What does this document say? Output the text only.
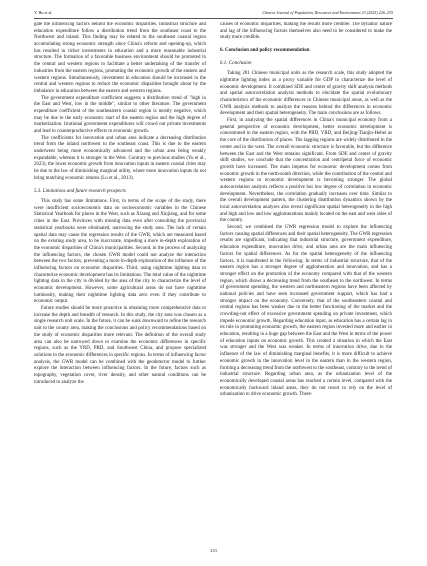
Y. Hu et al.	Chinese Journal of Population, Resources and Environment 23 (2025) 226–235

gate the influencing factors behind the economic disparities. Industrial structure and education expenditure follow a distribution trend from the southeast coast to the Northwest and inland. This finding may be related to the southeast coastal region accumulating strong economic strength since China's reform and opening-up, which has resulted in richer investments in education and a more reasonable industrial structure. The formation of a favorable business environment should be promoted in the central and western regions to facilitate a better undertaking of the transfer of industries from the eastern regions, promoting the economic growth of the eastern and western regions. Simultaneously, investment in education should be increased in the central and western regions to reduce the economic disparities brought about by the imbalance in education between the eastern and western regions.

The government expenditure coefficient suggests a distribution trend of "high in the East and West, low in the middle", similar to other literature. The government expenditure coefficient of the southeastern coastal region is mostly negative, which may be due to the early economic start of the eastern region and the high degree of marketization. Irrational government expenditures will crowd out private investments and lead to counterproductive effects to economic growth.

The coefficients for innovation and urban area indicate a decreasing distribution trend from the inland northwest to the southeast coast. This is due to the eastern underwent being more economically advanced and the urban area being weakly expandable, whereas it is stronger in the West. Contrary to previous studies (Yu et al., 2023), the lower economic growth from innovation inputs in eastern coastal cities may be due to the law of diminishing marginal utility, where more innovation inputs do not bring matching economic returns (Lu et al., 2013).

5.3. Limitations and future research prospects

This study has some limitations. First, in terms of the scope of the study, there were insufficient socioeconomic data on socioeconomic variables in the Chinese Statistical Yearbook for places in the West, such as Xizang and Xinjiang, and for some cities in the East. Provinces with missing data even after consulting the provincial statistical yearbooks were eliminated, narrowing the study area. The lack of certain spatial data may cause the regression results of the GWR, which are measured based on the existing study area, to be inaccurate, impeding a more in-depth exploration of the economic disparities of China's municipalities. Second, in the process of analyzing the influencing factors, the chosen GWR model could not analyze the interaction between the two factors, preventing a more in-depth exploration of the influence of the influencing factors on economic disparities. Third, using nighttime lighting data to characterize economic development has its limitations. The total value of the nighttime lighting data in the city is divided by the area of the city to characterize the level of economic development. However, some agricultural areas do not have nighttime luminosity, making their nighttime lighting data zero even if they contribute to economic output.

Future studies should be more proactive in obtaining more comprehensive data to increase the depth and breadth of research. In this study, the city area was chosen as a single research unit scale. In the future, it can be sunk downward to refine the research unit to the county area, making the conclusions and policy recommendations based on the study of economic disparities more relevant. The definition of the overall study area can also be narrowed down to examine the economic differences in specific regions, such as the YRD, PRD, and Southwest China, and propose specialized solutions to the economic differences in specific regions. In terms of influencing factor analysis, the GWR model can be combined with the geodetector model to further explore the interaction between influencing factors. In the future, factors such as topography, vegetation cover, river density, and other natural conditions can be introduced to analyze the

causes of economic disparities, making the results more credible. The dynamic nature and lag of the influencing factors themselves also need to be considered to make the study more credible.

6. Conclusion and policy recommendation
6.1. Conclusion

Taking 281 Chinese municipal units as the research scale, this study adopted the nighttime lighting index as a proxy variable for GDP to characterize the level of economic development. It combined SDE and center of gravity shift analysis methods and spatial autocorrelation analysis methods to elucidate the spatial evolutionary characteristics of the economic differences in Chinese municipal areas, as well as the GWR analysis methods to analyze the reasons behind the differences in economic development and their spatial heterogeneity. The main conclusions are as follows.

First, in analyzing the spatial differences in China's municipal economy from a general perspective of economic development, better economic development is concentrated in the eastern region, with the PRD, YRD, and Beijing-Tianjin-Hebei as the core of the distribution of places. The lagging regions are widely distributed in the center and in the west. The overall economic structure is favorable, but the difference between the East and the West remains significant. From SDE and center of gravity shift studies, we conclude that the concentration and centripetal force of economic growth have increased. The main impetus for economic development comes from economic growth in the north-south direction, while the contribution of the central and western regions to economic development is becoming stronger. The global autocorrelation analysis reflects a positive but low degree of correlation in economic development. Nevertheless, the correlation gradually increases over time. Similar to the overall development pattern, the clustering distribution dynamics shown by the local autocorrelation analyses also reveal significant spatial heterogeneity in the high and high and low and low agglomerations mainly located on the east and west sides of the country.

Second, we combined the GWR regression model to explore the influencing factors causing spatial differences and their spatial heterogeneity. The GWR regression results are significant, indicating that industrial structure, government expenditure, education expenditure, innovation drive, and urban area are the main influencing factors for spatial differences. As for the spatial heterogeneity of the influencing factors, it is manifested in the following. In terms of industrial structure, that of the eastern region has a stronger degree of agglomeration and innovation, and has a stronger effect on the promotion of the economy compared with that of the western region, which shows a decreasing trend from the southeast to the northwest. In terms of government spending, the western and northeastern regions have been affected by national policies and have seen increased government support, which has had a stronger impact on the economy. Conversely, that of the southeastern coastal and central regions has been weaker due to the better functioning of the market and the crowding-out effect of excessive government spending on private investment, which impede economic growth. Regarding education input, as education has a certain lag in its role in promoting economic growth, the eastern region invested more and earlier in education, resulting in a huge gap between the East and the West in terms of the power of education inputs on economic growth. This created a situation in which the East was stronger and the West was weaker. In terms of innovation drive, due to the influence of the law of diminishing marginal benefits, it is more difficult to achieve economic growth in the innovation level in the eastern than in the western region, forming a decreasing trend from the northwest to the southeast, contrary to the trend of industrial structure. Regarding urban area, as the urbanization level of the economically developed coastal areas has reached a certain level, compared with the economically backward inland areas, they do not resort to rely on the level of urbanization to drive economic growth. There-

233
